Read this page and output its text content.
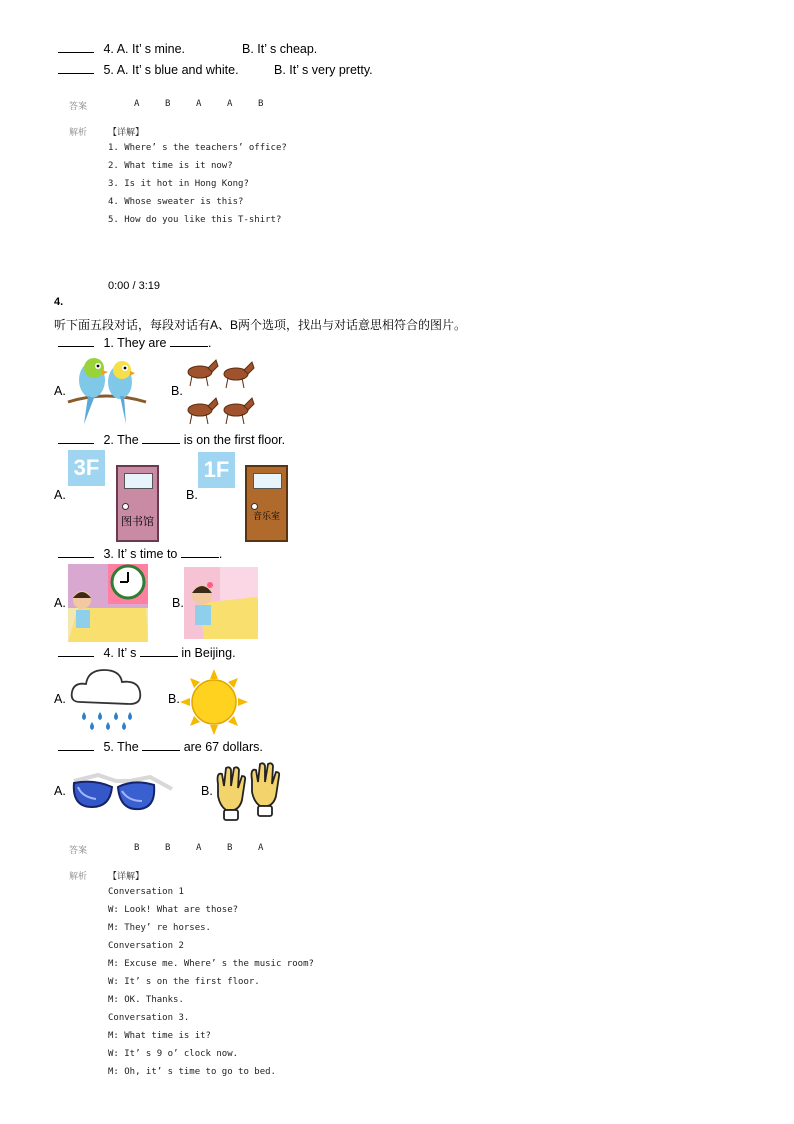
4. A. It’ s mine.	B. It’ s cheap.
5. A. It’ s blue and white.	B. It’ s very pretty.
答案	A	B	A	A	B
解析 【详解】
1. Where’ s the teachers’ office?
2. What time is it now?
3. Is it hot in Hong Kong?
4. Whose sweater is this?
5. How do you like this T-shirt?
0:00 / 3:19
4.
听下面五段对话，每段对话有A、B两个选项，找出与对话意思相符合的图片。
1. They are	.
A.	B.
2. The	is on the first floor.
A.
3F
图书馆
B.
1F
音乐室
3. It’ s time to	.
A.	B.
4. It’ s	in Beijing.
A.	B.
5. The	are 67 dollars.
A.	B.
答案	B	B	A	B	A
解析 【详解】
Conversation 1
W: Look! What are those?
M: They’ re horses.
Conversation 2
M: Excuse me. Where’ s the music room?
W: It’ s on the first floor.
M: OK. Thanks.
Conversation 3.
M: What time is it?
W: It’ s 9 o’ clock now.
M: Oh, it’ s time to go to bed.
